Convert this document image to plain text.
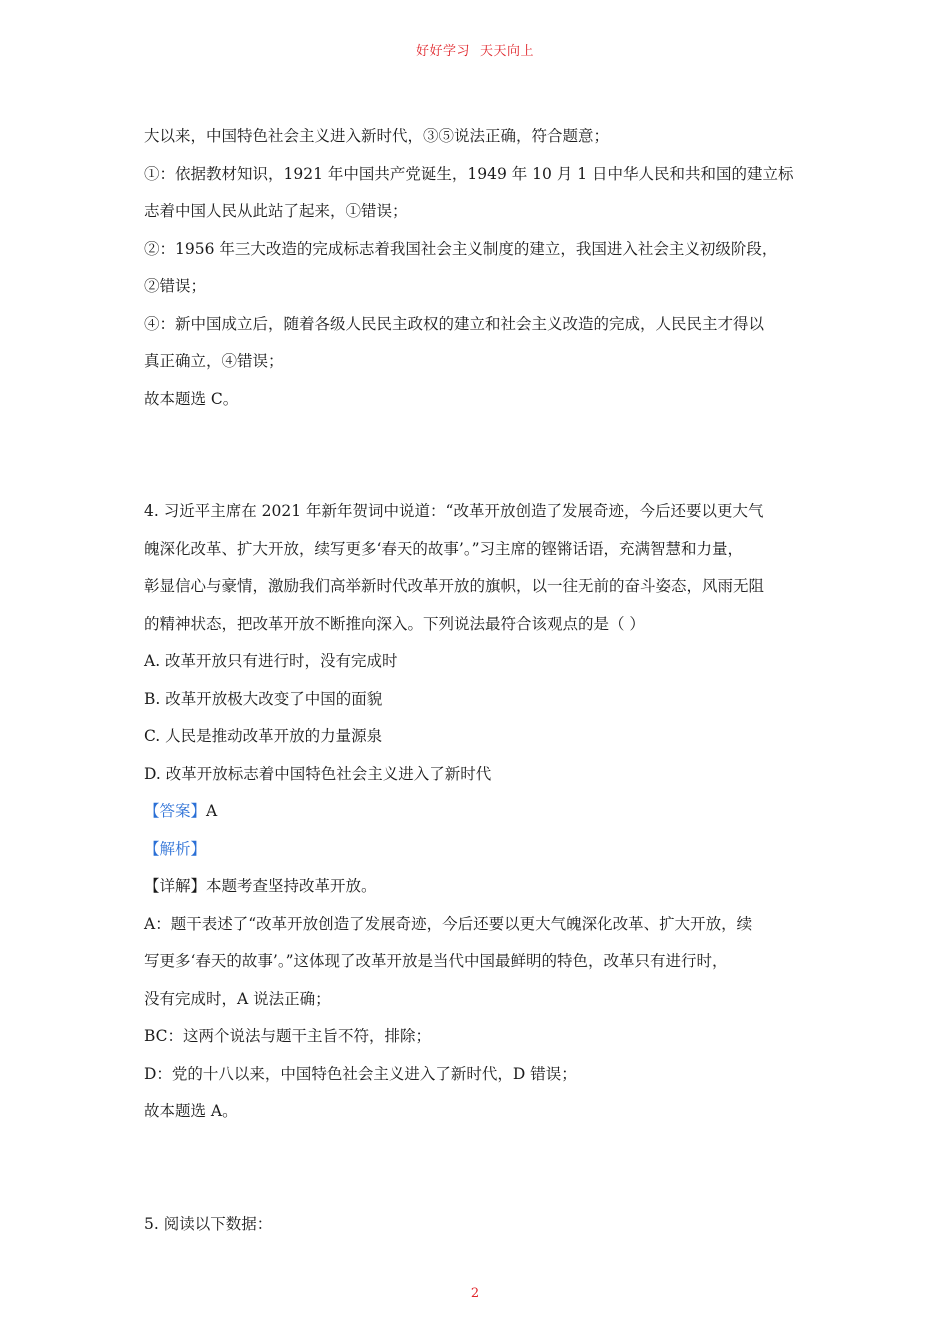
好好学习 天天向上
大以来，中国特色社会主义进入新时代，③⑤说法正确，符合题意；
①：依据教材知识，1921 年中国共产党诞生，1949 年 10 月 1 日中华人民和共和国的建立标
志着中国人民从此站了起来，①错误；
②：1956 年三大改造的完成标志着我国社会主义制度的建立，我国进入社会主义初级阶段，
②错误；
④：新中国成立后，随着各级人民民主政权的建立和社会主义改造的完成，人民民主才得以
真正确立，④错误；
故本题选 C。
4. 习近平主席在 2021 年新年贺词中说道：“改革开放创造了发展奇迹，今后还要以更大气
魄深化改革、扩大开放，续写更多‘春天的故事’。”习主席的铿锵话语，充满智慧和力量，
彰显信心与豪情，激励我们高举新时代改革开放的旗帜，以一往无前的奋斗姿态，风雨无阻
的精神状态，把改革开放不断推向深入。下列说法最符合该观点的是（ ）
A. 改革开放只有进行时，没有完成时
B. 改革开放极大改变了中国的面貌
C. 人民是推动改革开放的力量源泉
D. 改革开放标志着中国特色社会主义进入了新时代
【答案】A
【解析】
【详解】本题考查坚持改革开放。
A：题干表述了“改革开放创造了发展奇迹，今后还要以更大气魄深化改革、扩大开放，续
写更多‘春天的故事’。”这体现了改革开放是当代中国最鲜明的特色，改革只有进行时，
没有完成时，A 说法正确；
BC：这两个说法与题干主旨不符，排除；
D：党的十八以来，中国特色社会主义进入了新时代，D 错误；
故本题选 A。
5. 阅读以下数据：
2
